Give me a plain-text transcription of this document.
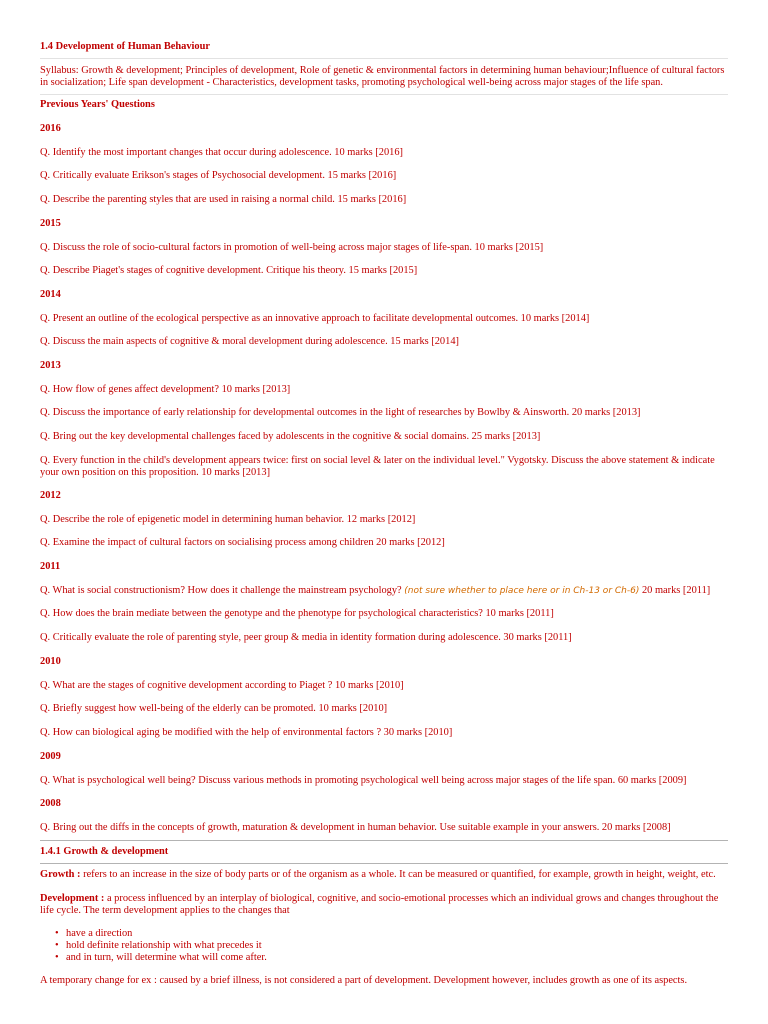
1.4 Development of Human Behaviour
Syllabus: Growth & development; Principles of development, Role of genetic & environmental factors in determining human behaviour;Influence of cultural factors in socialization; Life span development - Characteristics, development tasks, promoting psychological well-being across major stages of the life span.
Previous Years' Questions
2016
Q. Identify the most important changes that occur during adolescence. 10 marks [2016]
Q. Critically evaluate Erikson's stages of Psychosocial development. 15 marks [2016]
Q. Describe the parenting styles that are used in raising a normal child. 15 marks [2016]
2015
Q. Discuss the role of socio-cultural factors in promotion of well-being across major stages of life-span. 10 marks [2015]
Q. Describe Piaget's stages of cognitive development. Critique his theory. 15 marks [2015]
2014
Q. Present an outline of the ecological perspective as an innovative approach to facilitate developmental outcomes. 10 marks [2014]
Q. Discuss the main aspects of cognitive & moral development during adolescence. 15 marks [2014]
2013
Q. How flow of genes affect development? 10 marks [2013]
Q. Discuss the importance of early relationship for developmental outcomes in the light of researches by Bowlby & Ainsworth. 20 marks [2013]
Q. Bring out the key developmental challenges faced by adolescents in the cognitive & social domains. 25 marks [2013]
Q. Every function in the child's development appears twice: first on social level & later on the individual level." Vygotsky. Discuss the above statement & indicate your own position on this proposition. 10 marks [2013]
2012
Q. Describe the role of epigenetic model in determining human behavior. 12 marks [2012]
Q. Examine the impact of cultural factors on socialising process among children 20 marks [2012]
2011
Q. What is social constructionism? How does it challenge the mainstream psychology? (not sure whether to place here or in Ch-13 or Ch-6) 20 marks [2011]
Q. How does the brain mediate between the genotype and the phenotype for psychological characteristics? 10 marks [2011]
Q. Critically evaluate the role of parenting style, peer group & media in identity formation during adolescence. 30 marks [2011]
2010
Q. What are the stages of cognitive development according to Piaget ? 10 marks [2010]
Q. Briefly suggest how well-being of the elderly can be promoted. 10 marks [2010]
Q. How can biological aging be modified with the help of environmental factors ? 30 marks [2010]
2009
Q. What is psychological well being? Discuss various methods in promoting psychological well being across major stages of the life span. 60 marks [2009]
2008
Q. Bring out the diffs in the concepts of growth, maturation & development in human behavior. Use suitable example in your answers. 20 marks [2008]
1.4.1 Growth & development
Growth : refers to an increase in the size of body parts or of the organism as a whole. It can be measured or quantified, for example, growth in height, weight, etc.
Development : a process influenced by an interplay of biological, cognitive, and socio-emotional processes which an individual grows and changes throughout the life cycle. The term development applies to the changes that
• have a direction
• hold definite relationship with what precedes it
• and in turn, will determine what will come after.
A temporary change for ex : caused by a brief illness, is not considered a part of development. Development however, includes growth as one of its aspects.
